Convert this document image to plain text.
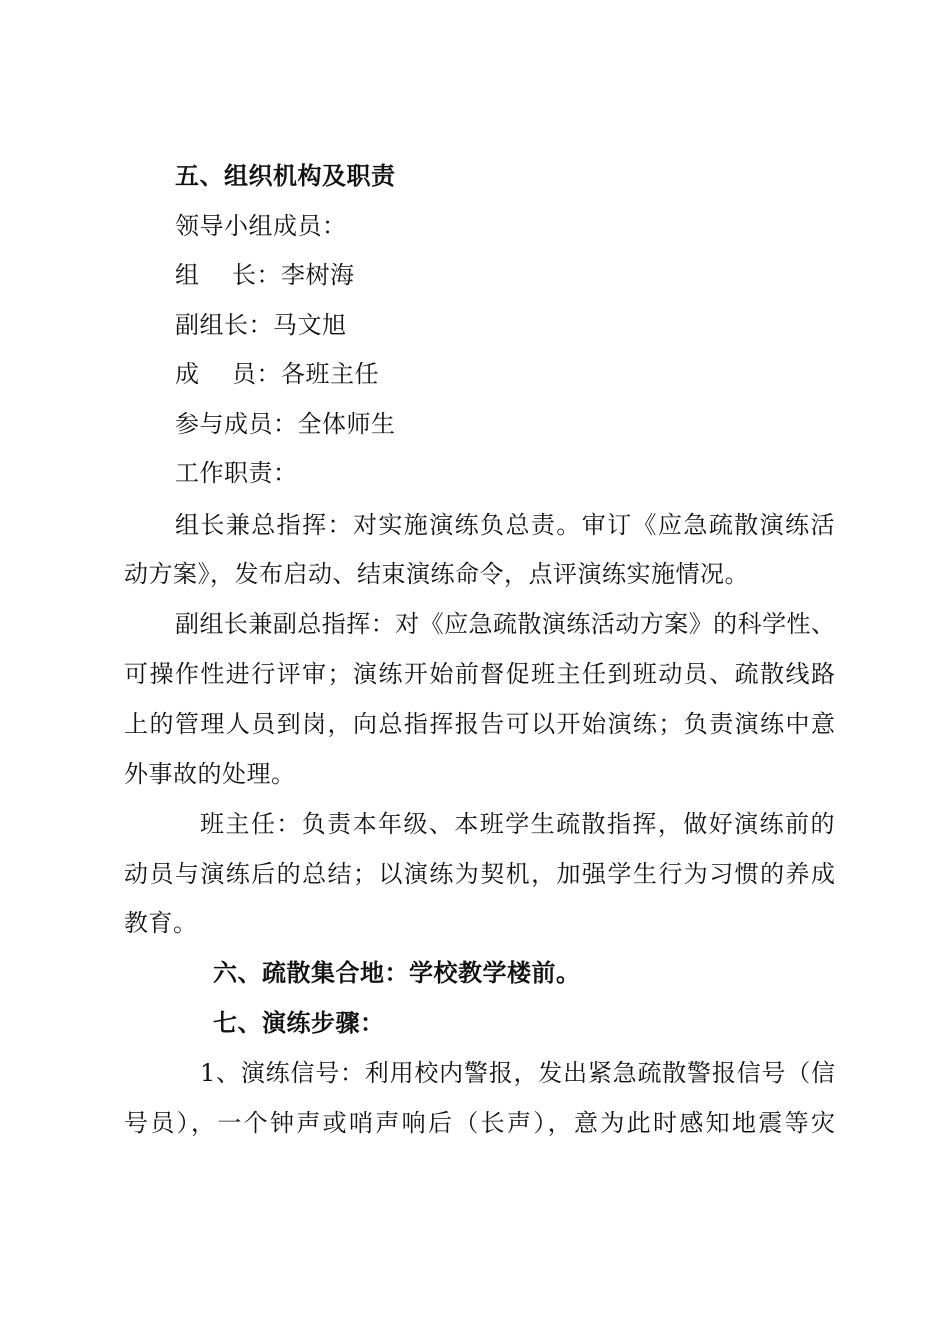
五、组织机构及职责
领导小组成员：
组    长：李树海
副组长：马文旭
成    员：各班主任
参与成员：全体师生
工作职责：
组长兼总指挥：对实施演练负总责。审订《应急疏散演练活
动方案》，发布启动、结束演练命令，点评演练实施情况。
副组长兼副总指挥：对《应急疏散演练活动方案》的科学性、
可操作性进行评审；演练开始前督促班主任到班动员、疏散线路
上的管理人员到岗，向总指挥报告可以开始演练；负责演练中意
外事故的处理。
班主任：负责本年级、本班学生疏散指挥，做好演练前的
动员与演练后的总结；以演练为契机，加强学生行为习惯的养成
教育。
六、疏散集合地：学校教学楼前。
七、演练步骤：
1、演练信号：利用校内警报，发出紧急疏散警报信号（信
号员），一个钟声或哨声响后（长声），意为此时感知地震等灾
